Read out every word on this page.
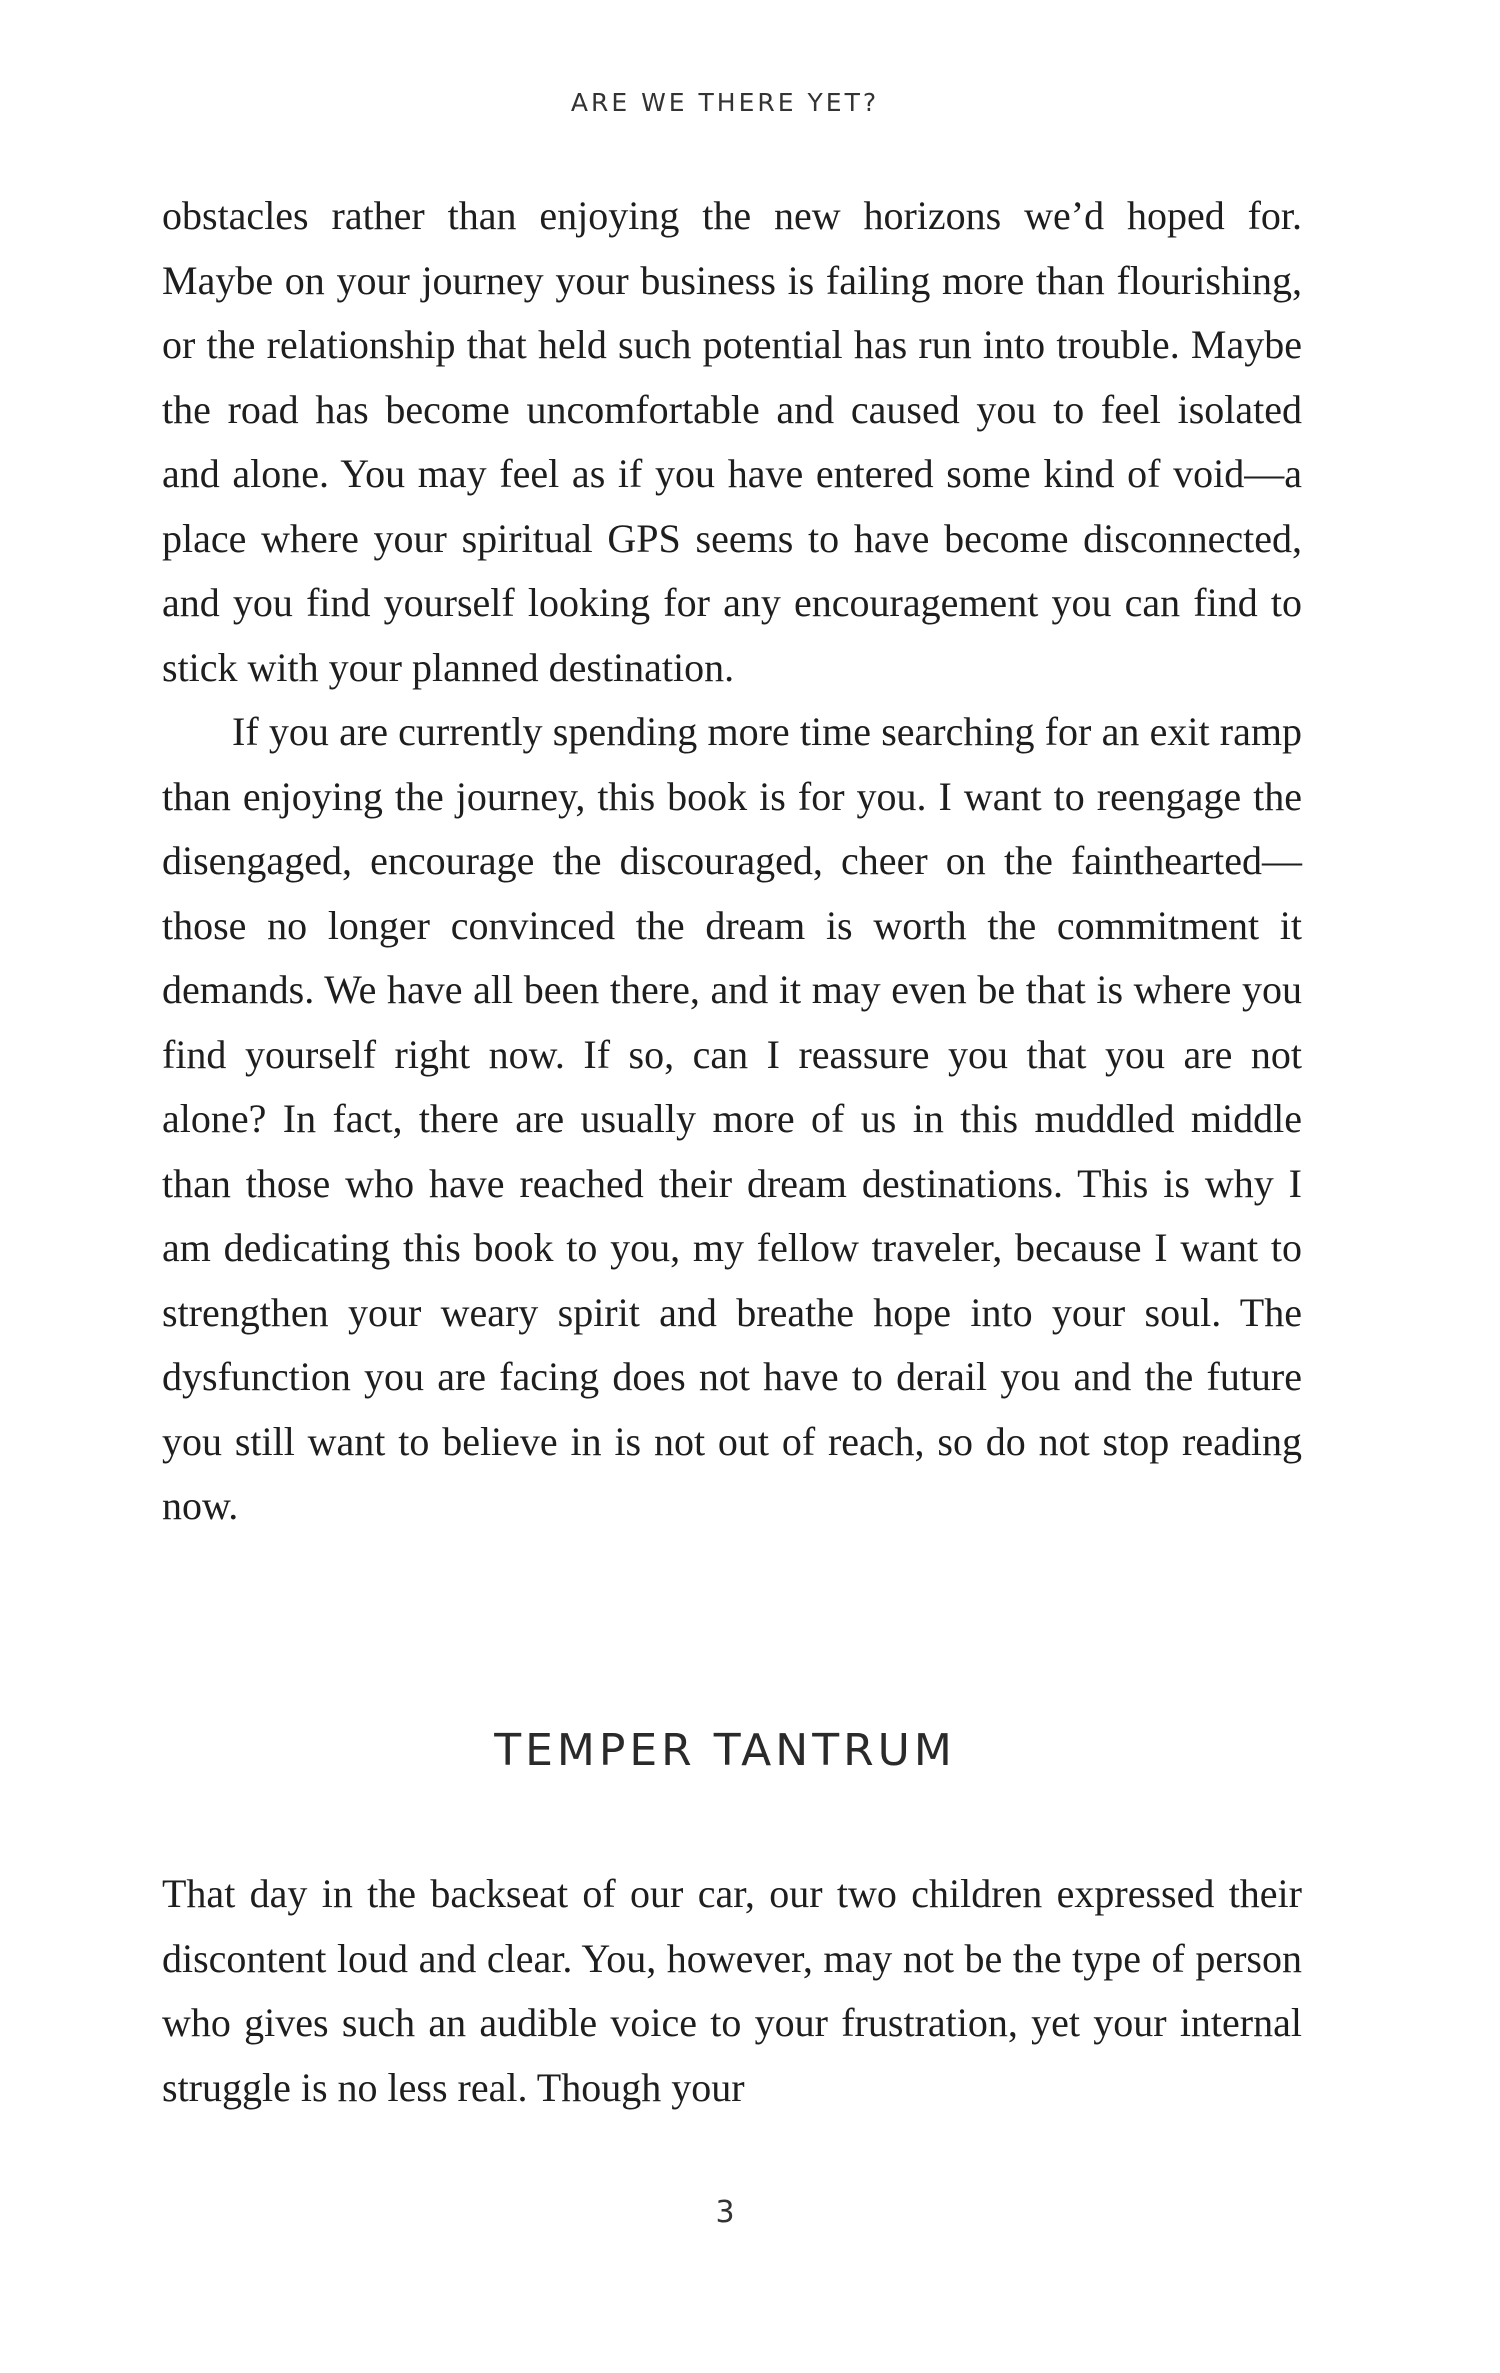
ARE WE THERE YET?

obstacles rather than enjoying the new horizons we’d hoped for. Maybe on your journey your business is failing more than flourishing, or the relationship that held such potential has run into trouble. Maybe the road has become uncomfortable and caused you to feel isolated and alone. You may feel as if you have entered some kind of void—a place where your spiritual GPS seems to have become disconnected, and you find yourself looking for any encouragement you can find to stick with your planned destination.

If you are currently spending more time searching for an exit ramp than enjoying the journey, this book is for you. I want to reengage the disengaged, encourage the discouraged, cheer on the fainthearted—those no longer convinced the dream is worth the commitment it demands. We have all been there, and it may even be that is where you find yourself right now. If so, can I reassure you that you are not alone? In fact, there are usually more of us in this muddled middle than those who have reached their dream destinations. This is why I am dedicating this book to you, my fellow traveler, because I want to strengthen your weary spirit and breathe hope into your soul. The dysfunction you are facing does not have to derail you and the future you still want to believe in is not out of reach, so do not stop reading now.

TEMPER TANTRUM

That day in the backseat of our car, our two children expressed their discontent loud and clear. You, however, may not be the type of person who gives such an audible voice to your frustration, yet your internal struggle is no less real. Though your

3
